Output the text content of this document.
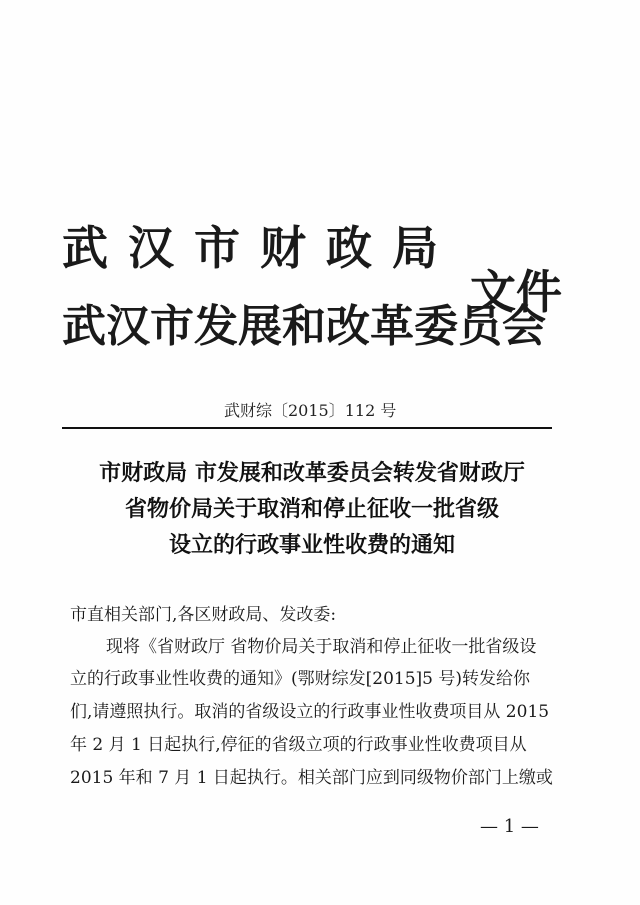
武汉市财政局
武汉市发展和改革委员会
文件
武财综〔2015〕112 号
市财政局 市发展和改革委员会转发省财政厅
省物价局关于取消和停止征收一批省级
设立的行政事业性收费的通知
市直相关部门,各区财政局、发改委:
现将《省财政厅 省物价局关于取消和停止征收一批省级设
立的行政事业性收费的通知》(鄂财综发[2015]5 号)转发给你
们,请遵照执行。取消的省级设立的行政事业性收费项目从 2015
年 2 月 1 日起执行,停征的省级立项的行政事业性收费项目从
2015 年和 7 月 1 日起执行。相关部门应到同级物价部门上缴或
— 1 —
